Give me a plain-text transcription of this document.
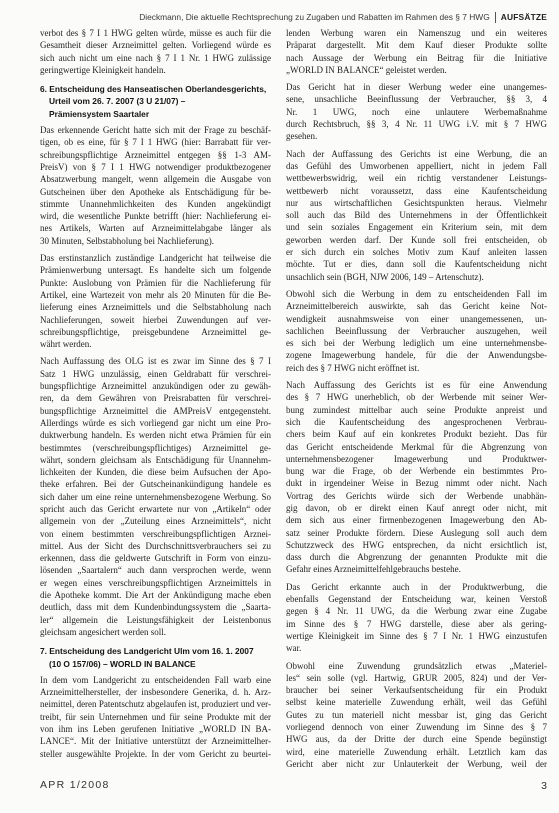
Dieckmann, Die aktuelle Rechtsprechung zu Zugaben und Rabatten im Rahmen des § 7 HWG AUFSÄTZE
verbot des § 7 I 1 HWG gelten würde, müsse es auch für die
Gesamtheit dieser Arzneimittel gelten. Vorliegend würde es
sich auch nicht um eine nach § 7 I 1 Nr. 1 HWG zulässige
geringwertige Kleinigkeit handeln.
6. Entscheidung des Hanseatischen Oberlandesgerichts,
Urteil vom 26. 7. 2007 (3 U 21/07) –
Prämiensystem Saartaler
Das erkennende Gericht hatte sich mit der Frage zu beschäf-
tigen, ob es eine, für § 7 I 1 HWG (hier: Barrabatt für ver-
schreibungspflichtige Arzneimittel entgegen §§ 1-3 AM-
PreisV) von § 7 I 1 HWG notwendiger produktbezogener
Absatzwerbung mangelt, wenn allgemein die Ausgabe von
Gutscheinen über den Apotheke als Entschädigung für be-
stimmte Unannehmlichkeiten des Kunden angekündigt
wird, die wesentliche Punkte betrifft (hier: Nachlieferung ei-
nes Artikels, Warten auf Arzneimittelabgabe länger als
30 Minuten, Selbstabholung bei Nachlieferung).
Das erstinstanzlich zuständige Landgericht hat teilweise die
Prämienwerbung untersagt. Es handelte sich um folgende
Punkte: Auslobung von Prämien für die Nachlieferung für
Artikel, eine Wartezeit von mehr als 20 Minuten für die Be-
lieferung eines Arzneimittels und die Selbstabholung nach
Nachlieferungen, soweit hierbei Zuwendungen auf ver-
schreibungspflichtige, preisgebundene Arzneimittel ge-
währt werden.
Nach Auffassung des OLG ist es zwar im Sinne des § 7 I
Satz 1 HWG unzulässig, einen Geldrabatt für verschrei-
bungspflichtige Arzneimittel anzukündigen oder zu gewäh-
ren, da dem Gewähren von Preisrabatten für verschrei-
bungspflichtige Arzneimittel die AMPreisV entgegensteht.
Allerdings würde es sich vorliegend gar nicht um eine Pro-
duktwerbung handeln. Es werden nicht etwa Prämien für ein
bestimmtes (verschreibungspflichtiges) Arzneimittel ge-
währt, sondern gleichsam als Entschädigung für Unannehm-
lichkeiten der Kunden, die diese beim Aufsuchen der Apo-
theke erfahren. Bei der Gutscheinankündigung handele es
sich daher um eine reine unternehmensbezogene Werbung. So
spricht auch das Gericht erwartete nur von „Artikeln“ oder
allgemein von der „Zuteilung eines Arzneimittels“, nicht
von einem bestimmten verschreibungspflichtigen Arznei-
mittel. Aus der Sicht des Durchschnittsverbrauchers sei zu
erkennen, dass die geldwerte Gutschrift in Form von einzu-
lösenden „Saartalern“ auch dann versprochen werde, wenn
er wegen eines verschreibungspflichtigen Arzneimittels in
die Apotheke kommt. Die Art der Ankündigung mache eben
deutlich, dass mit dem Kundenbindungssystem die „Saarta-
ler“ allgemein die Leistungsfähigkeit der Leistenbonus
gleichsam angesichert werden soll.
7. Entscheidung des Landgericht Ulm vom 16. 1. 2007
(10 O 157/06) – WORLD IN BALANCE
In dem vom Landgericht zu entscheidenden Fall warb eine
Arzneimittelhersteller, der insbesondere Generika, d. h. Arz-
neimittel, deren Patentschutz abgelaufen ist, produziert und ver-
treibt, für sein Unternehmen und für seine Produkte mit der
von ihm ins Leben gerufenen Initiative „WORLD IN BA-
LANCE“. Mit der Initiative unterstützt der Arzneimittelher-
steller ausgewählte Projekte. In der vom Gericht zu beurtei-
lenden Werbung waren ein Namenszug und ein weiteres
Präparat dargestellt. Mit dem Kauf dieser Produkte sollte
nach Aussage der Werbung ein Beitrag für die Initiative
„WORLD IN BALANCE“ geleistet werden.
Das Gericht hat in dieser Werbung weder eine unangemes-
sene, unsachliche Beeinflussung der Verbraucher, §§ 3, 4
Nr. 1 UWG, noch eine unlautere Werbemaßnahme
durch Rechtsbruch, §§ 3, 4 Nr. 11 UWG i.V. mit § 7 HWG
gesehen.
Nach der Auffassung des Gerichts ist eine Werbung, die an
das Gefühl des Umworbenen appelliert, nicht in jedem Fall
wettbewerbswidrig, weil ein richtig verstandener Leistungs-
wettbewerb nicht voraussetzt, dass eine Kaufentscheidung
nur aus wirtschaftlichen Gesichtspunkten heraus. Vielmehr
soll auch das Bild des Unternehmens in der Öffentlichkeit
und sein soziales Engagement ein Kriterium sein, mit dem
geworben werden darf. Der Kunde soll frei entscheiden, ob
er sich durch ein solches Motiv zum Kauf anleiten lassen
möchte. Tut er dies, dann soll die Kaufentscheidung nicht
unsachlich sein (BGH, NJW 2006, 149 – Artenschutz).
Obwohl sich die Werbung in dem zu entscheidenden Fall im
Arzneimittelbereich auswirkte, sah das Gericht keine Not-
wendigkeit ausnahmsweise von einer unangemessenen, un-
sachlichen Beeinflussung der Verbraucher auszugehen, weil
es sich bei der Werbung lediglich um eine unternehmensbe-
zogene Imagewerbung handele, für die der Anwendungsbe-
reich des § 7 HWG nicht eröffnet ist.
Nach Auffassung des Gerichts ist es für eine Anwendung
des § 7 HWG unerheblich, ob der Werbende mit seiner Wer-
bung zumindest mittelbar auch seine Produkte anpreist und
sich die Kaufentscheidung des angesprochenen Verbrau-
chers beim Kauf auf ein konkretes Produkt bezieht. Das für
das Gericht entscheidende Merkmal für die Abgrenzung von
unternehmensbezogener Imagewerbung und Produktwer-
bung war die Frage, ob der Werbende ein bestimmtes Pro-
dukt in irgendeiner Weise in Bezug nimmt oder nicht. Nach
Vortrag des Gerichts würde sich der Werbende unabhän-
gig davon, ob er direkt einen Kauf anregt oder nicht, mit
dem sich aus einer firmenbezogenen Imagewerbung den Ab-
satz seiner Produkte fördern. Diese Auslegung soll auch dem
Schutzzweck des HWG entsprechen, da nicht ersichtlich ist,
dass durch die Abgrenzung der genannten Produkte mit die
Gefahr eines Arzneimittelfehlgebrauchs bestehe.
Das Gericht erkannte auch in der Produktwerbung, die
ebenfalls Gegenstand der Entscheidung war, keinen Verstoß
gegen § 4 Nr. 11 UWG, da die Werbung zwar eine Zugabe
im Sinne des § 7 HWG darstelle, diese aber als gering-
wertige Kleinigkeit im Sinne des § 7 I Nr. 1 HWG einzustufen
war.
Obwohl eine Zuwendung grundsätzlich etwas „Materiel-
les“ sein solle (vgl. Hartwig, GRUR 2005, 824) und der Ver-
braucher bei seiner Verkaufsentscheidung für ein Produkt
selbst keine materielle Zuwendung erhält, weil das Gefühl
Gutes zu tun materiell nicht messbar ist, ging das Gericht
vorliegend dennoch von einer Zuwendung im Sinne des § 7
HWG aus, da der Dritte der durch eine Spende begünstigt
wird, eine materielle Zuwendung erhält. Letztlich kam das
Gericht aber nicht zur Unlauterkeit der Werbung, weil der
APR 1/2008	3
